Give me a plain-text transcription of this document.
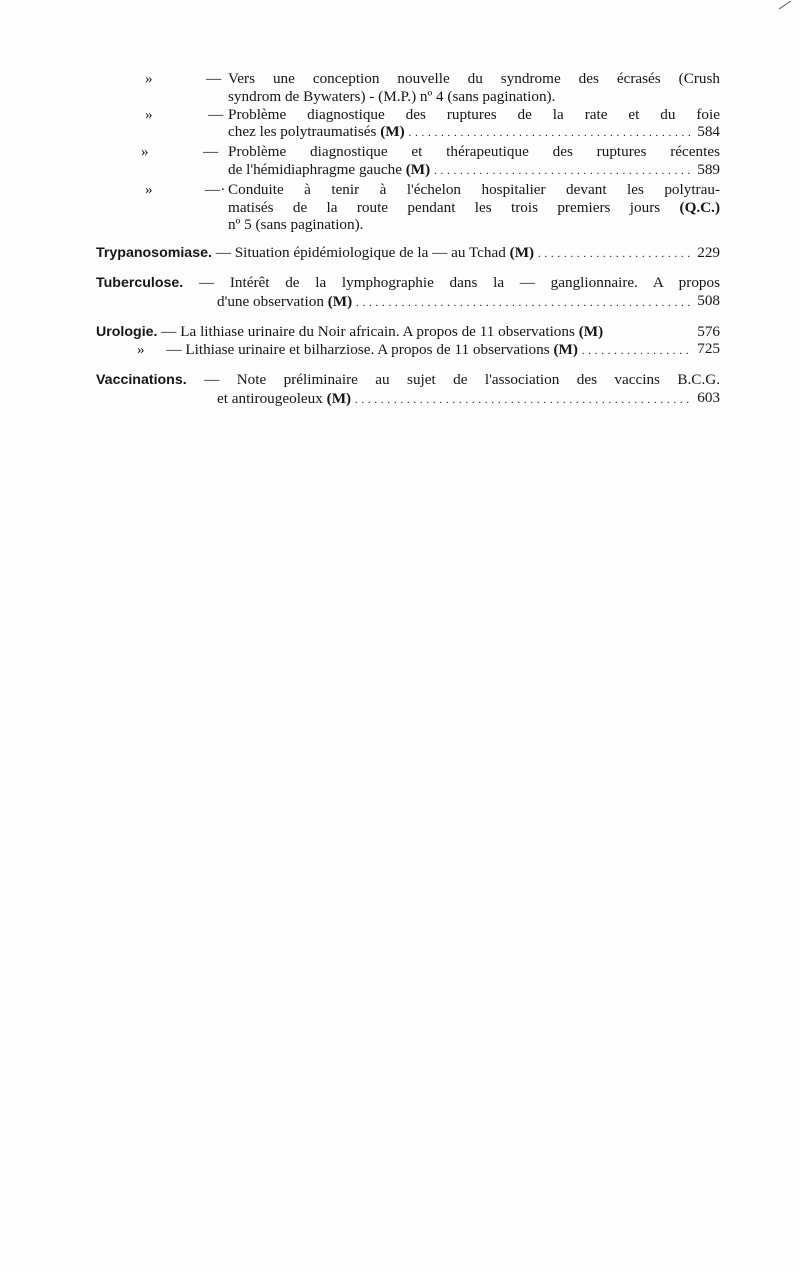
»	— Vers une conception nouvelle du syndrome des écrasés (Crush
syndrom de Bywaters) - (M.P.) nº 4 (sans pagination).
»	— Problème diagnostique des ruptures de la rate et du foie
chez les polytraumatisés (M) . . .	584
»	— Problème diagnostique et thérapeutique des ruptures récentes
de l'hémidiaphragme gauche (M) . . .	589
»	—· Conduite à tenir à l'échelon hospitalier devant les polytrau-
matisés de la route pendant les trois premiers jours (Q.C.)
nº 5 (sans pagination).
Trypanosomiase. — Situation épidémiologique de la — au Tchad (M) . . .	229
Tuberculose. — Intérêt de la lymphographie dans la — ganglionnaire. A propos
d'une observation (M) . . .	508
Urologie. — La lithiase urinaire du Noir africain. A propos de 11 observations (M)	576
» — Lithiase urinaire et bilharziose. A propos de 11 observations (M) . . .	725
Vaccinations. — Note préliminaire au sujet de l'association des vaccins B.C.G.
et antirougeoleux (M) . . .	603
